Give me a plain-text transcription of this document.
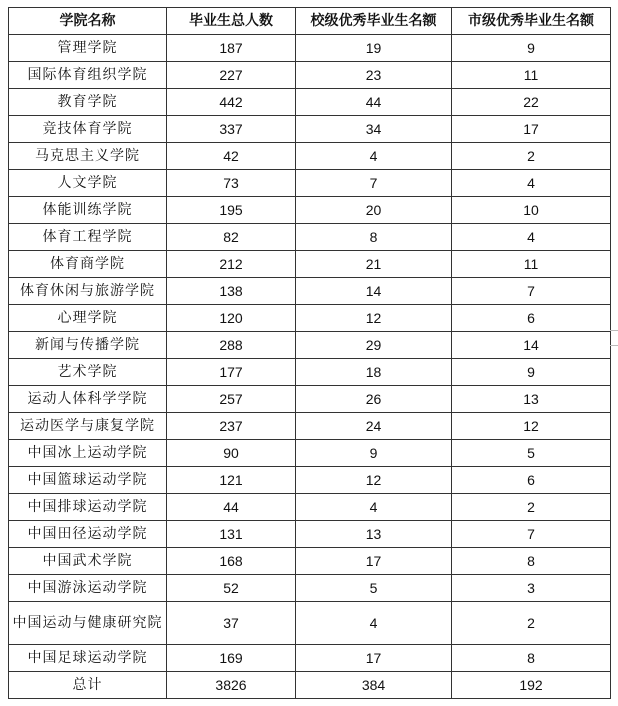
学院名称	毕业生总人数	校级优秀毕业生名额	市级优秀毕业生名额
管理学院	187	19	9
国际体育组织学院	227	23	11
教育学院	442	44	22
竞技体育学院	337	34	17
马克思主义学院	42	4	2
人文学院	73	7	4
体能训练学院	195	20	10
体育工程学院	82	8	4
体育商学院	212	21	11
体育休闲与旅游学院	138	14	7
心理学院	120	12	6
新闻与传播学院	288	29	14
艺术学院	177	18	9
运动人体科学学院	257	26	13
运动医学与康复学院	237	24	12
中国冰上运动学院	90	9	5
中国篮球运动学院	121	12	6
中国排球运动学院	44	4	2
中国田径运动学院	131	13	7
中国武术学院	168	17	8
中国游泳运动学院	52	5	3
中国运动与健康研究院	37	4	2
中国足球运动学院	169	17	8
总计	3826	384	192
